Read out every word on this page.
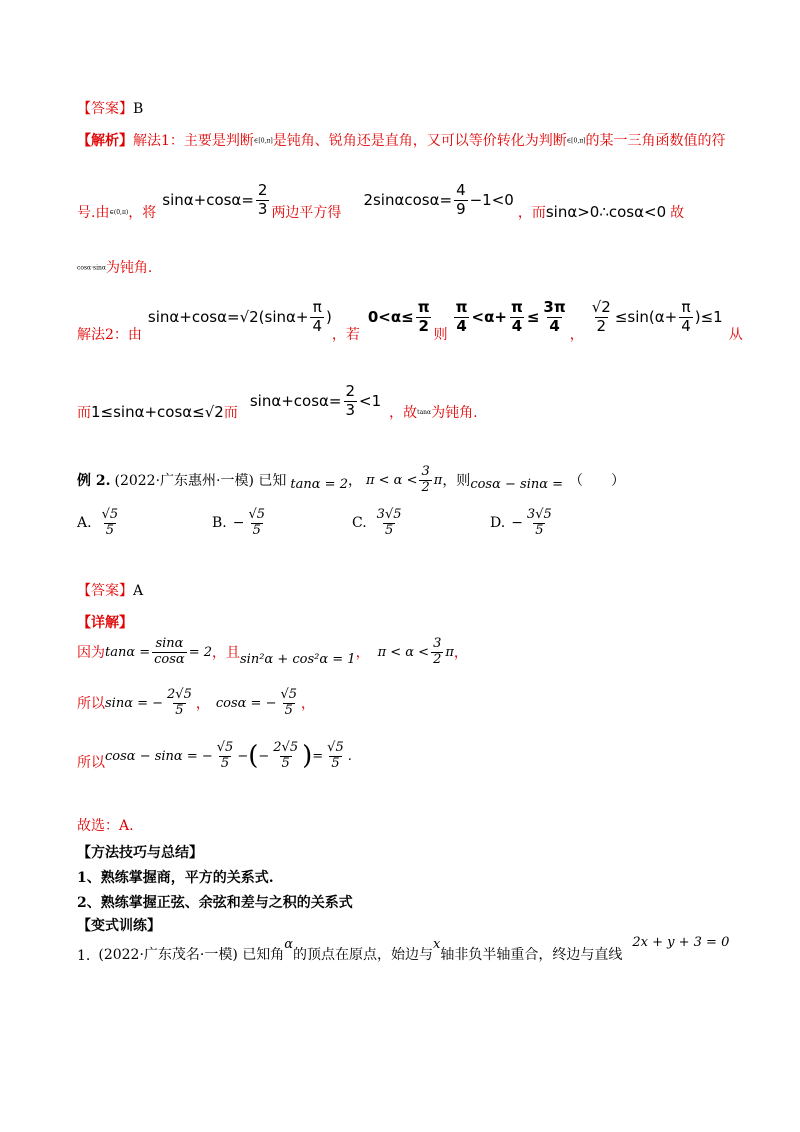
【答案】B
【解析】解法1：主要是判断∈[0,π]是钝角、锐角还是直角，又可以等价转化为判断∈[0,π]的某一三角函数值的符
号.由 ∈(0,π) ，将
$\sin\alpha+\cos\alpha= \frac{2}{3}$ 两边平方得
$2\sin\alpha\cos\alpha= \frac{4}{9} -1<0$
，而 sinα>0∴cosα<0 故
cosα·sinα为钝角.
解法2：由
$\sin\alpha+\cos\alpha=√2(\sin\alpha+ \frac{\pi}{4}$ )
，若
$0<\alpha\le \frac{\pi}{2}$
则
$\frac{\pi}{4} <\alpha+ \frac{\pi}{4} \le \frac{3\pi}{4}$
，
$\frac{√2}{2} \le\sin(\alpha+ \frac{\pi}{4} )\le 1$
从
而 1≤sinα+cosα≤√2 而
$\sin\alpha+\cos\alpha= \frac{2}{3} <1$
，故 tanα 为钝角.
例 2. (2022·广东惠州·一模) 已知 tanα = 2 ， $\pi < \alpha < \frac{3}{2}$ π ，则 cosα − sinα = （　　）
A. $\frac{√5}{5}$	B. − $\frac{√5}{5}$	C. $\frac{3√5}{5}$	D. − $\frac{3√5}{5}$
【答案】A
【详解】
因为 $\tan\alpha = \frac{\sin\alpha}{\cos\alpha} = 2$ ，且 sin²α + cos²α = 1 ， $\pi < \alpha < \frac{3}{2}$ π ，
所以 sinα = − $\frac{2√5}{5}$ ， cosα = − $\frac{√5}{5}$ ，
所以 cosα − sinα = − $\frac{√5}{5}$ − ( − $\frac{2√5}{5}$ ) = $\frac{√5}{5}$ .
故选：A.
【方法技巧与总结】
1、熟练掌握商，平方的关系式.
2、熟练掌握正弦、余弦和差与之积的关系式
【变式训练】
1. (2022·广东茂名·一模) 已知角
α
的顶点在原点，始边与
x
轴非负半轴重合，终边与直线
2x + y + 3 = 0
